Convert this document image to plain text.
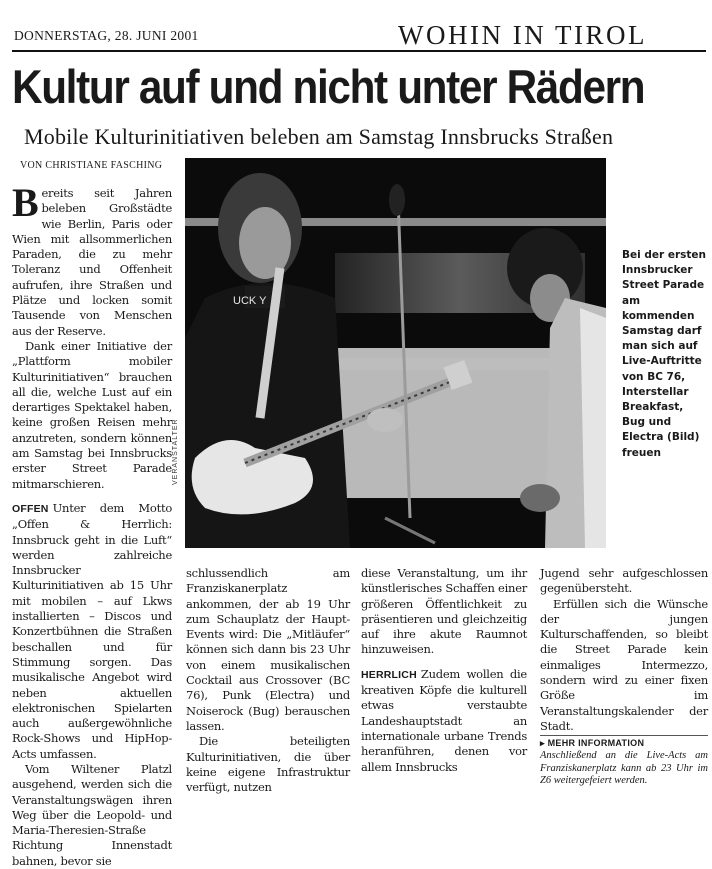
DONNERSTAG, 28. JUNI 2001	WOHIN IN TIROL
Kultur auf und nicht unter Rädern
Mobile Kulturinitiativen beleben am Samstag Innsbrucks Straßen
VON CHRISTIANE FASCHING

Bereits seit Jahren beleben Großstädte wie Berlin, Paris oder Wien mit allsommerlichen Paraden, die zu mehr Toleranz und Offenheit aufrufen, ihre Straßen und Plätze und locken somit Tausende von Menschen aus der Reserve.

Dank einer Initiative der „Plattform mobiler Kulturinitiativen“ brauchen all die, welche Lust auf ein derartiges Spektakel haben, keine großen Reisen mehr anzutreten, sondern können am Samstag bei Innsbrucks erster Street Parade mitmarschieren.

OFFEN Unter dem Motto „Offen & Herrlich: Innsbruck geht in die Luft“ werden zahlreiche Innsbrucker Kulturinitiativen ab 15 Uhr mit mobilen – auf Lkws installierten – Discos und Konzertbühnen die Straßen beschallen und für Stimmung sorgen. Das musikalische Angebot wird neben aktuellen elektronischen Spielarten auch außergewöhnliche Rock-Shows und HipHop-Acts umfassen.

Vom Wiltener Platzl ausgehend, werden sich die Veranstaltungswägen ihren Weg über die Leopold- und Maria-Theresien-Straße Richtung Innenstadt bahnen, bevor sie

UCK Y
VERANSTALTER
Bei der ersten Innsbrucker Street Parade am kommenden Samstag darf man sich auf Live-Auftritte von BC 76, Interstellar Breakfast, Bug und Electra (Bild) freuen

schlussendlich am Franziskanerplatz ankommen, der ab 19 Uhr zum Schauplatz der Haupt-Events wird: Die „Mitläufer“ können sich dann bis 23 Uhr von einem musikalischen Cocktail aus Crossover (BC 76), Punk (Electra) und Noiserock (Bug) berauschen lassen.

Die beteiligten Kulturinitiativen, die über keine eigene Infrastruktur verfügt, nutzen

diese Veranstaltung, um ihr künstlerisches Schaffen einer größeren Öffentlichkeit zu präsentieren und gleichzeitig auf ihre akute Raumnot hinzuweisen.

HERRLICH Zudem wollen die kreativen Köpfe die kulturell etwas verstaubte Landeshauptstadt an internationale urbane Trends heranführen, denen vor allem Innsbrucks

Jugend sehr aufgeschlossen gegenübersteht.

Erfüllen sich die Wünsche der jungen Kulturschaffenden, so bleibt die Street Parade kein einmaliges Intermezzo, sondern wird zu einer fixen Größe im Veranstaltungskalender der Stadt.

▸ MEHR INFORMATION
Anschließend an die Live-Acts am Franziskanerplatz kann ab 23 Uhr im Z6 weitergefeiert werden.
